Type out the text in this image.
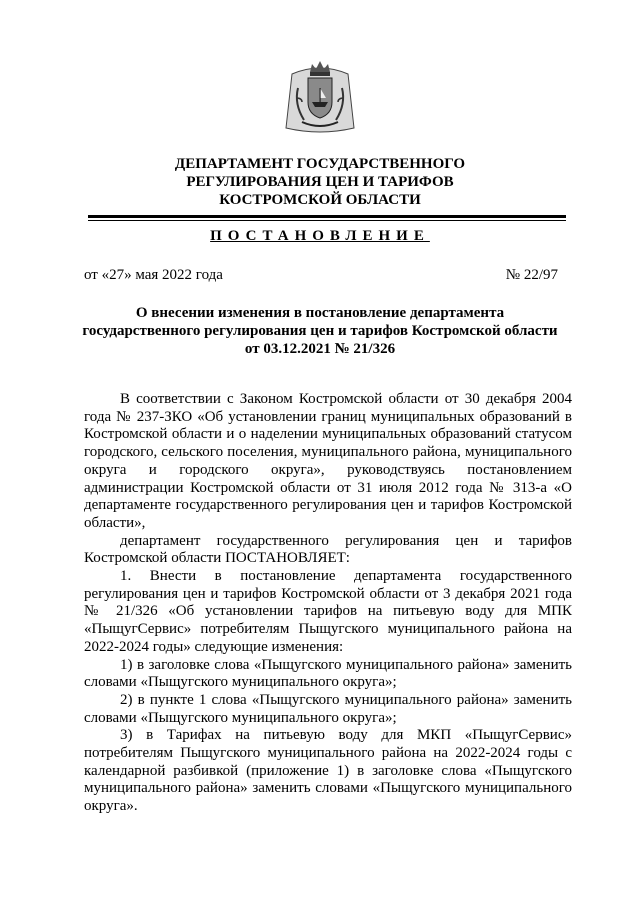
ДЕПАРТАМЕНТ ГОСУДАРСТВЕННОГО
РЕГУЛИРОВАНИЯ ЦЕН И ТАРИФОВ
КОСТРОМСКОЙ ОБЛАСТИ
ПОСТАНОВЛЕНИЕ
от «27» мая 2022 года	№ 22/97
О внесении изменения в постановление департамента
государственного регулирования цен и тарифов Костромской области
от 03.12.2021 № 21/326

В соответствии с Законом Костромской области от 30 декабря 2004 года № 237-ЗКО «Об установлении границ муниципальных образований в Костромской области и о наделении муниципальных образований статусом городского, сельского поселения, муниципального района, муниципального округа и городского округа», руководствуясь постановлением администрации Костромской области от 31 июля 2012 года № 313-а «О департаменте государственного регулирования цен и тарифов Костромской области»,

департамент государственного регулирования цен и тарифов Костромской области ПОСТАНОВЛЯЕТ:

1. Внести в постановление департамента государственного регулирования цен и тарифов Костромской области от 3 декабря 2021 года № 21/326 «Об установлении тарифов на питьевую воду для МПК «ПыщугСервис» потребителям Пыщугского муниципального района на 2022-2024 годы» следующие изменения:

1) в заголовке слова «Пыщугского муниципального района» заменить словами «Пыщугского муниципального округа»;

2) в пункте 1 слова «Пыщугского муниципального района» заменить словами «Пыщугского муниципального округа»;

3) в Тарифах на питьевую воду для МКП «ПыщугСервис» потребителям Пыщугского муниципального района на 2022-2024 годы с календарной разбивкой (приложение 1) в заголовке слова «Пыщугского муниципального района» заменить словами «Пыщугского муниципального округа».
